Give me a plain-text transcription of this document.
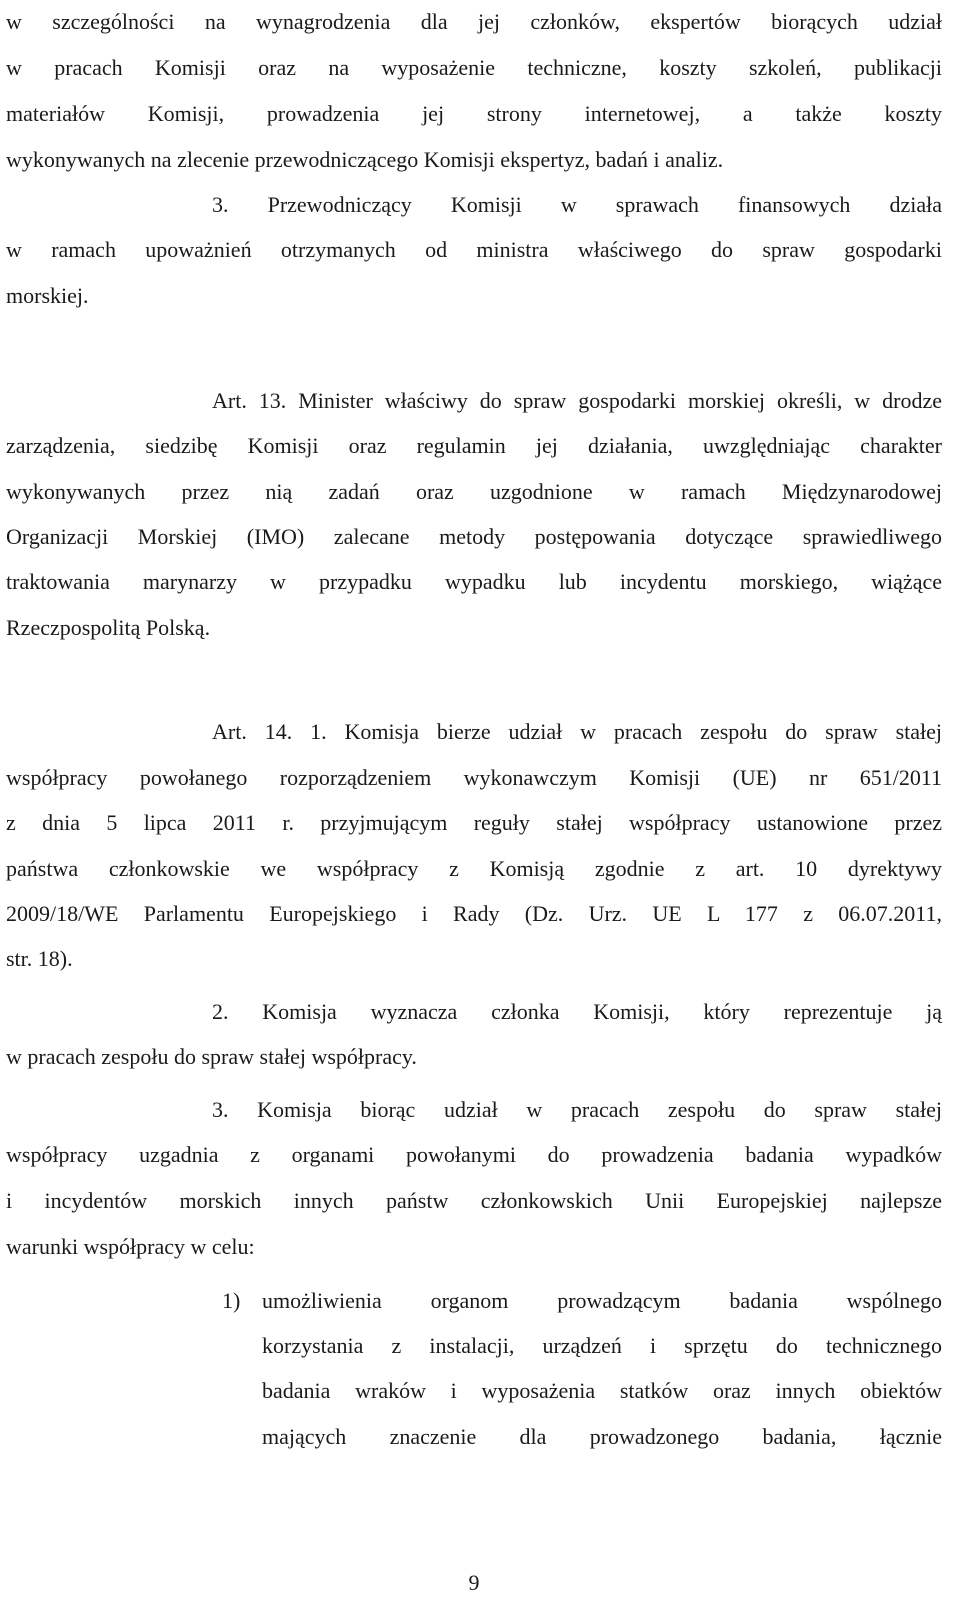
w szczególności na wynagrodzenia dla jej członków, ekspertów biorących udział
w pracach Komisji oraz na wyposażenie techniczne, koszty szkoleń, publikacji
materiałów Komisji, prowadzenia jej strony internetowej, a także koszty
wykonywanych na zlecenie przewodniczącego Komisji ekspertyz, badań i analiz.
3. Przewodniczący Komisji w sprawach finansowych działa
w ramach upoważnień otrzymanych od ministra właściwego do spraw gospodarki
morskiej.
Art. 13. Minister właściwy do spraw gospodarki morskiej określi, w drodze
zarządzenia, siedzibę Komisji oraz regulamin jej działania, uwzględniając charakter
wykonywanych przez nią zadań oraz uzgodnione w ramach Międzynarodowej
Organizacji Morskiej (IMO) zalecane metody postępowania dotyczące sprawiedliwego
traktowania marynarzy w przypadku wypadku lub incydentu morskiego, wiążące
Rzeczpospolitą Polską.
Art. 14. 1. Komisja bierze udział w pracach zespołu do spraw stałej
współpracy powołanego rozporządzeniem wykonawczym Komisji (UE) nr 651/2011
z dnia 5 lipca 2011 r. przyjmującym reguły stałej współpracy ustanowione przez
państwa członkowskie we współpracy z Komisją zgodnie z art. 10 dyrektywy
2009/18/WE Parlamentu Europejskiego i Rady (Dz. Urz. UE L 177 z 06.07.2011,
str. 18).
2. Komisja wyznacza członka Komisji, który reprezentuje ją
w pracach zespołu do spraw stałej współpracy.
3. Komisja biorąc udział w pracach zespołu do spraw stałej
współpracy uzgadnia z organami powołanymi do prowadzenia badania wypadków
i incydentów morskich innych państw członkowskich Unii Europejskiej najlepsze
warunki współpracy w celu:
1) umożliwienia organom prowadzącym badania wspólnego
korzystania z instalacji, urządzeń i sprzętu do technicznego
badania wraków i wyposażenia statków oraz innych obiektów
mających znaczenie dla prowadzonego badania, łącznie
9
